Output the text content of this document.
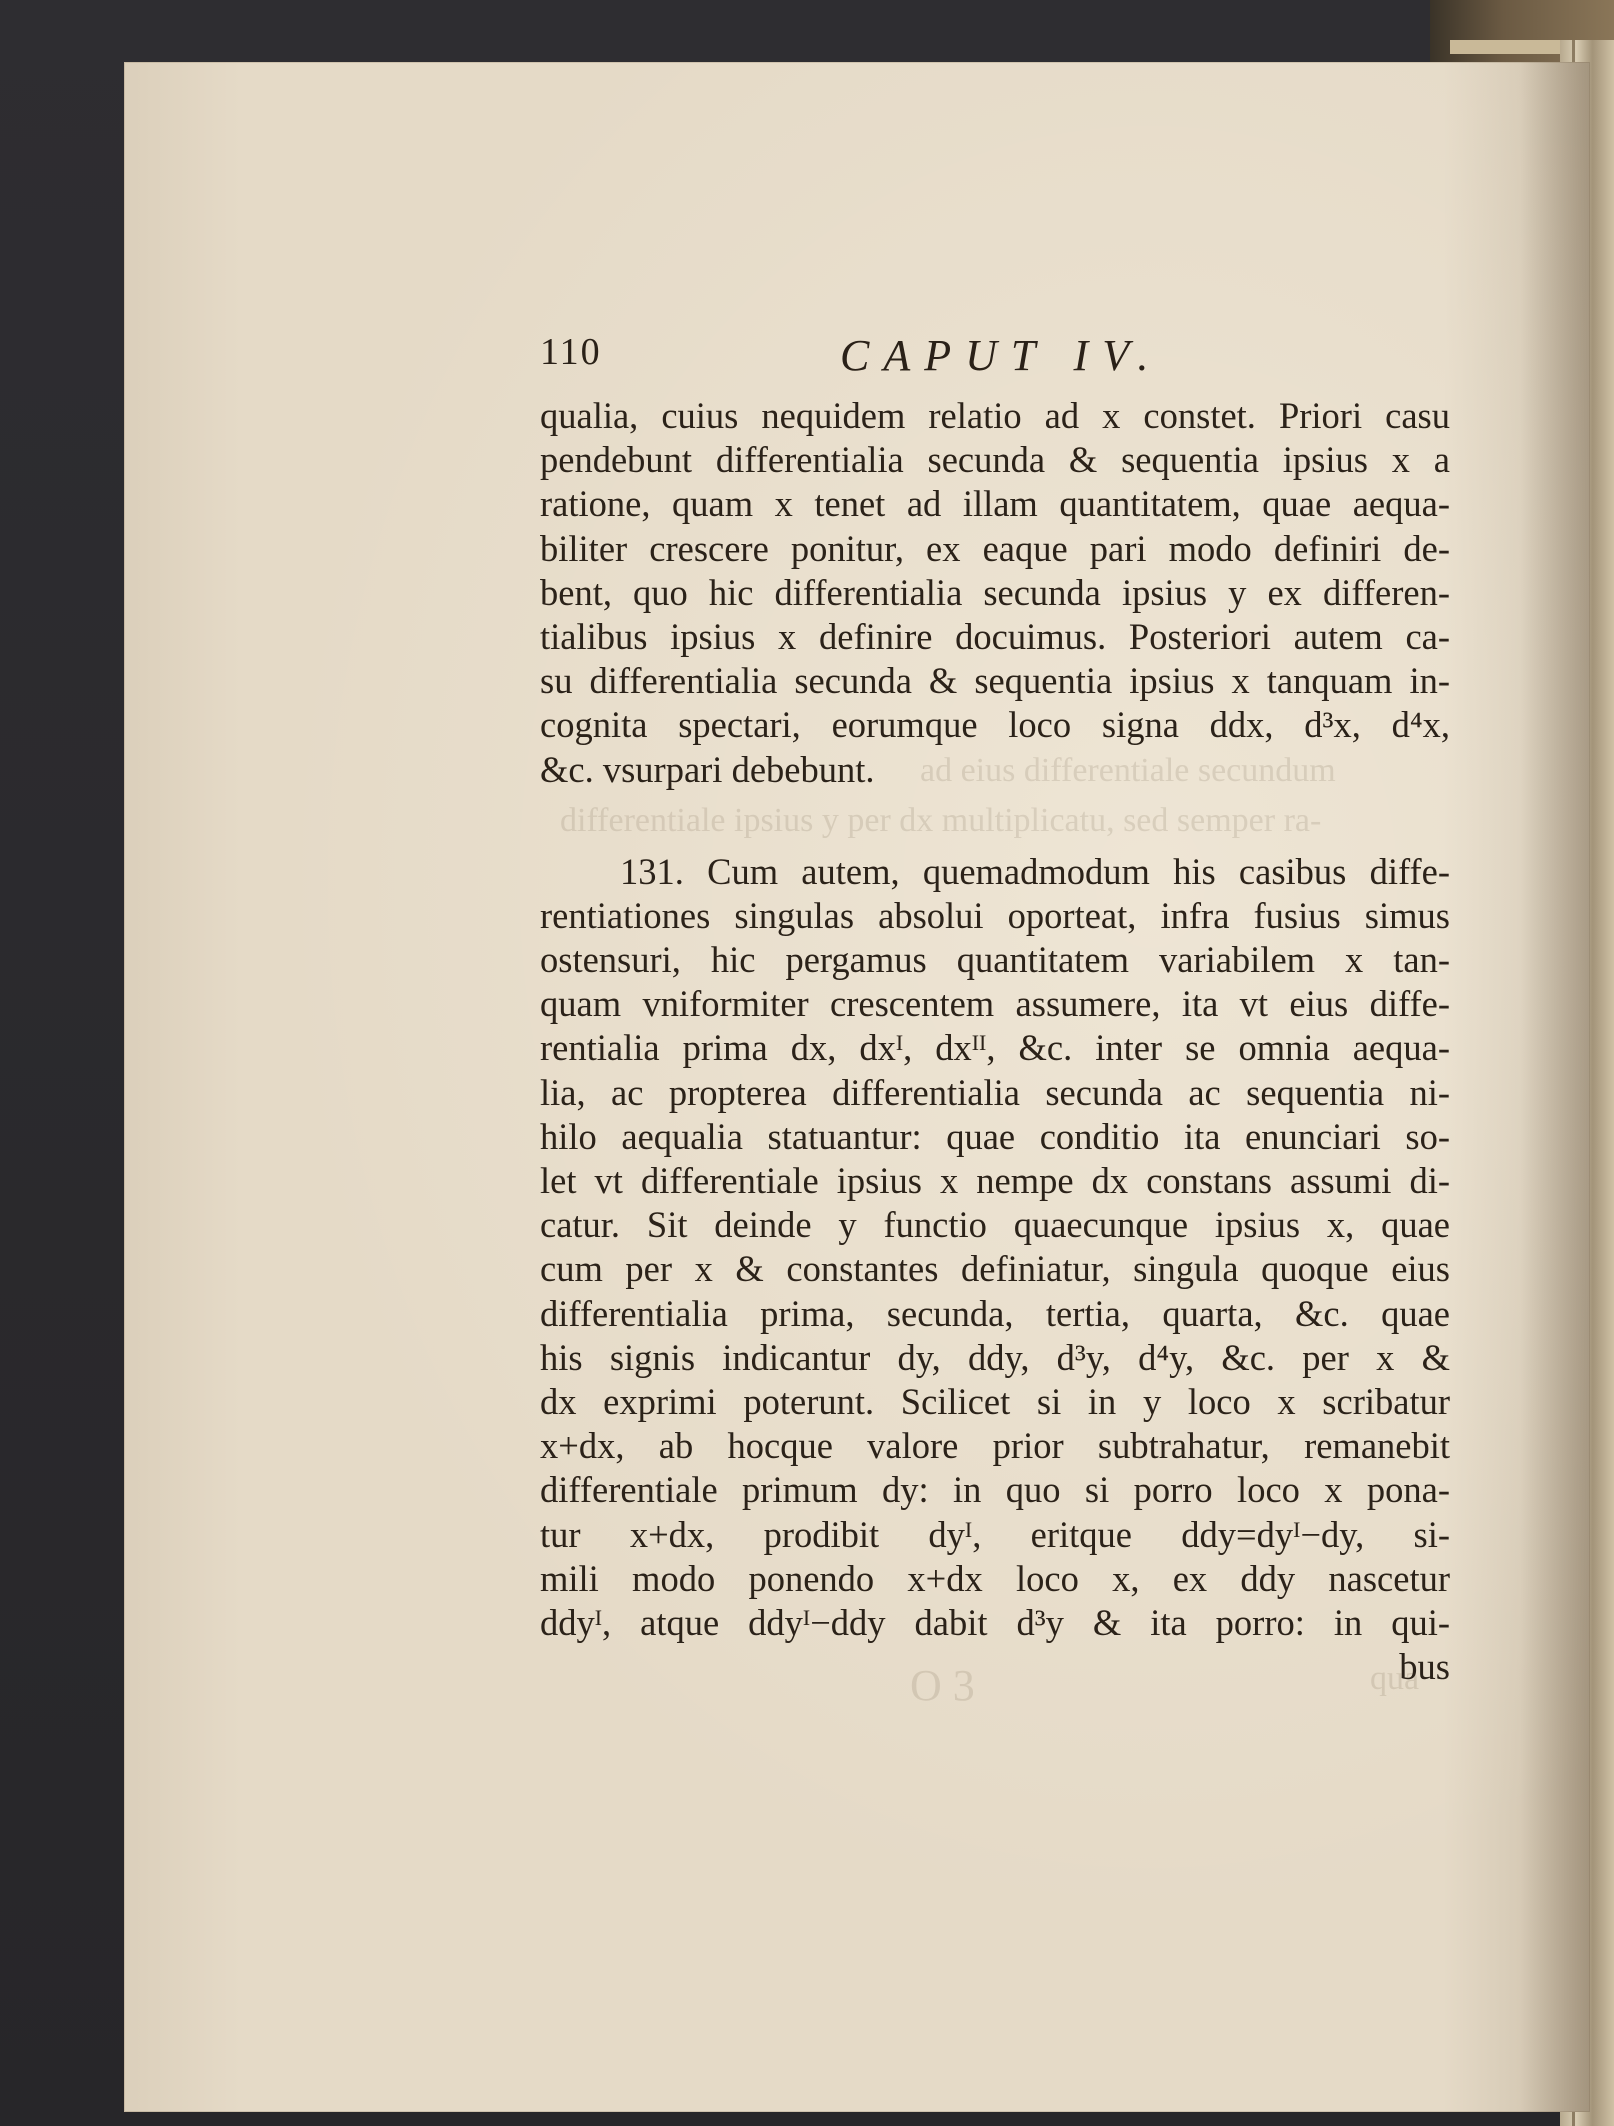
ad eius differentiale secundum
differentiale ipsius y per dx multiplicatu, sed semper ra-
O 3	qua
110	CAPUT IV.
qualia, cuius nequidem relatio ad x constet. Priori casu
pendebunt differentialia secunda & sequentia ipsius x a
ratione, quam x tenet ad illam quantitatem, quae aequa-
biliter crescere ponitur, ex eaque pari modo definiri de-
bent, quo hic differentialia secunda ipsius y ex differen-
tialibus ipsius x definire docuimus. Posteriori autem ca-
su differentialia secunda & sequentia ipsius x tanquam in-
cognita spectari, eorumque loco signa ddx, d³x, d⁴x,
&c. vsurpari debebunt.
131. Cum autem, quemadmodum his casibus diffe-
rentiationes singulas absolui oporteat, infra fusius simus
ostensuri, hic pergamus quantitatem variabilem x tan-
quam vniformiter crescentem assumere, ita vt eius diffe-
rentialia prima dx, dxᴵ, dxᴵᴵ, &c. inter se omnia aequa-
lia, ac propterea differentialia secunda ac sequentia ni-
hilo aequalia statuantur: quae conditio ita enunciari so-
let vt differentiale ipsius x nempe dx constans assumi di-
catur. Sit deinde y functio quaecunque ipsius x, quae
cum per x & constantes definiatur, singula quoque eius
differentialia prima, secunda, tertia, quarta, &c. quae
his signis indicantur dy, ddy, d³y, d⁴y, &c. per x &
dx exprimi poterunt. Scilicet si in y loco x scribatur
x+dx, ab hocque valore prior subtrahatur, remanebit
differentiale primum dy: in quo si porro loco x pona-
tur x+dx, prodibit dyᴵ, eritque ddy=dyᴵ−dy, si-
mili modo ponendo x+dx loco x, ex ddy nascetur
ddyᴵ, atque ddyᴵ−ddy dabit d³y & ita porro: in qui-
bus
